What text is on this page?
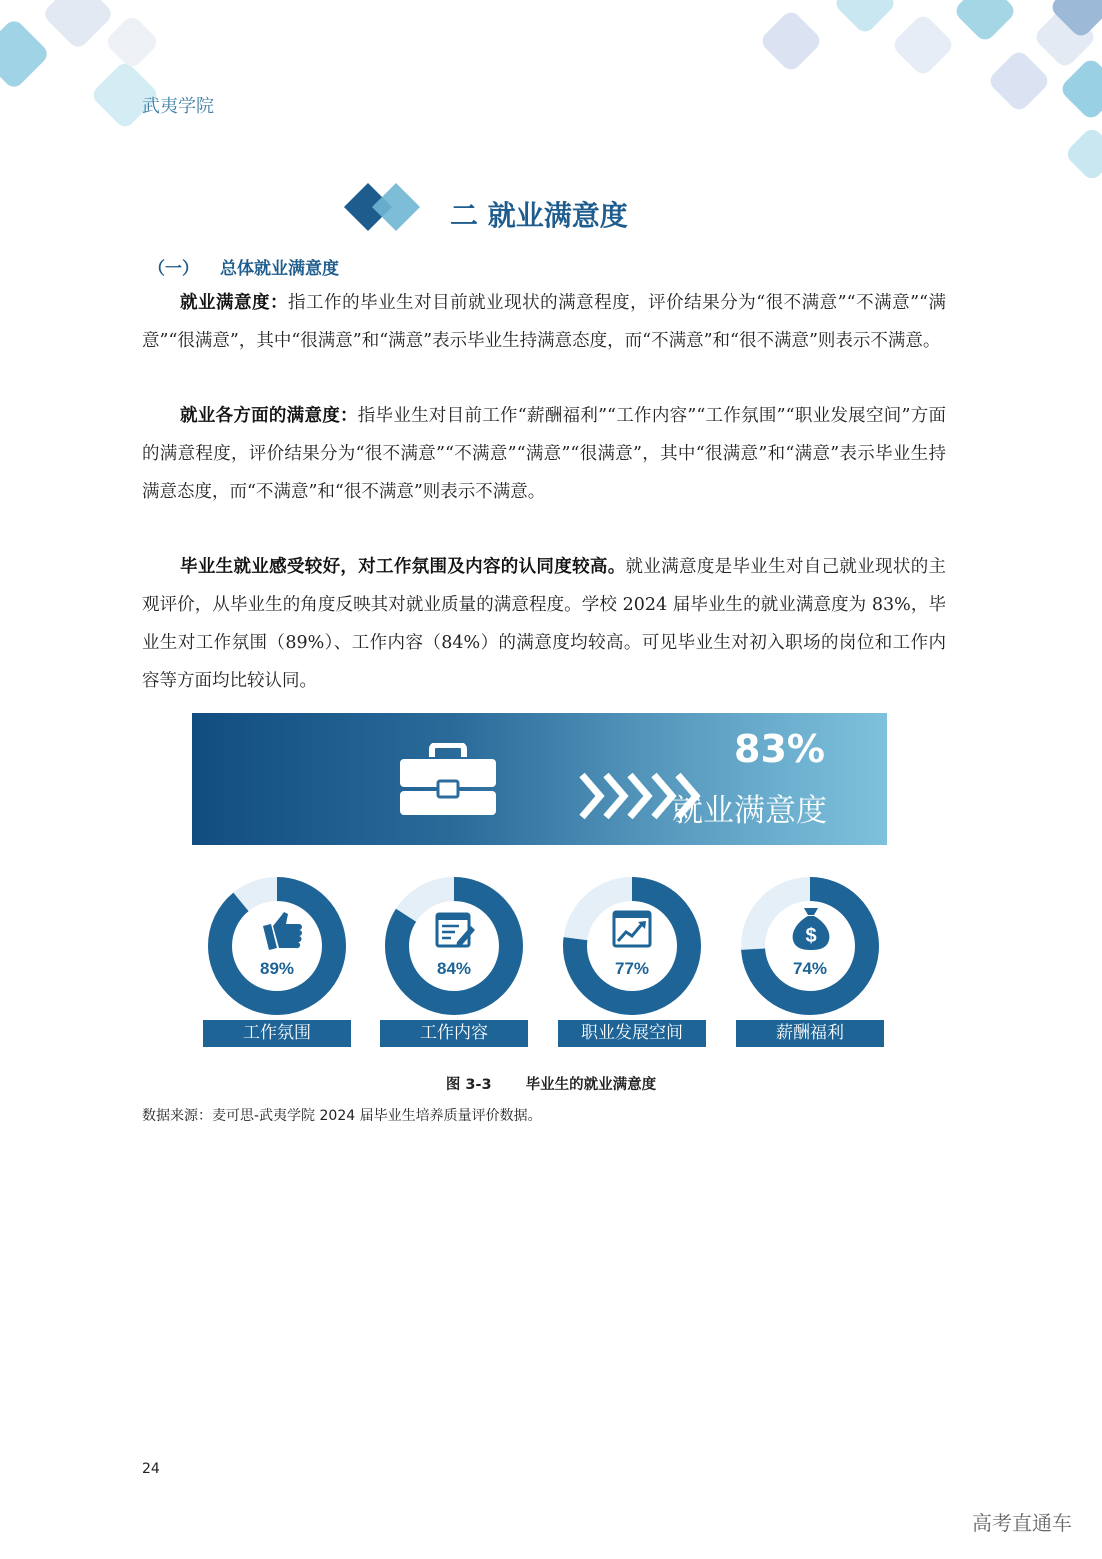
武夷学院
二 就业满意度
（一） 总体就业满意度

就业满意度：指工作的毕业生对目前就业现状的满意程度，评价结果分为“很不满意”“不满意”“满意”“很满意”，其中“很满意”和“满意”表示毕业生持满意态度，而“不满意”和“很不满意”则表示不满意。

就业各方面的满意度：指毕业生对目前工作“薪酬福利”“工作内容”“工作氛围”“职业发展空间”方面的满意程度，评价结果分为“很不满意”“不满意”“满意”“很满意”，其中“很满意”和“满意”表示毕业生持满意态度，而“不满意”和“很不满意”则表示不满意。

毕业生就业感受较好，对工作氛围及内容的认同度较高。就业满意度是毕业生对自己就业现状的主观评价，从毕业生的角度反映其对就业质量的满意程度。学校 2024 届毕业生的就业满意度为 83%，毕业生对工作氛围（89%）、工作内容（84%）的满意度均较高。可见毕业生对初入职场的岗位和工作内容等方面均比较认同。

83%
就业满意度
89%
工作氛围
84%
工作内容
77%
职业发展空间
$
74%
薪酬福利
图 3-3 毕业生的就业满意度
数据来源：麦可思-武夷学院 2024 届毕业生培养质量评价数据。
24
高考直通车
